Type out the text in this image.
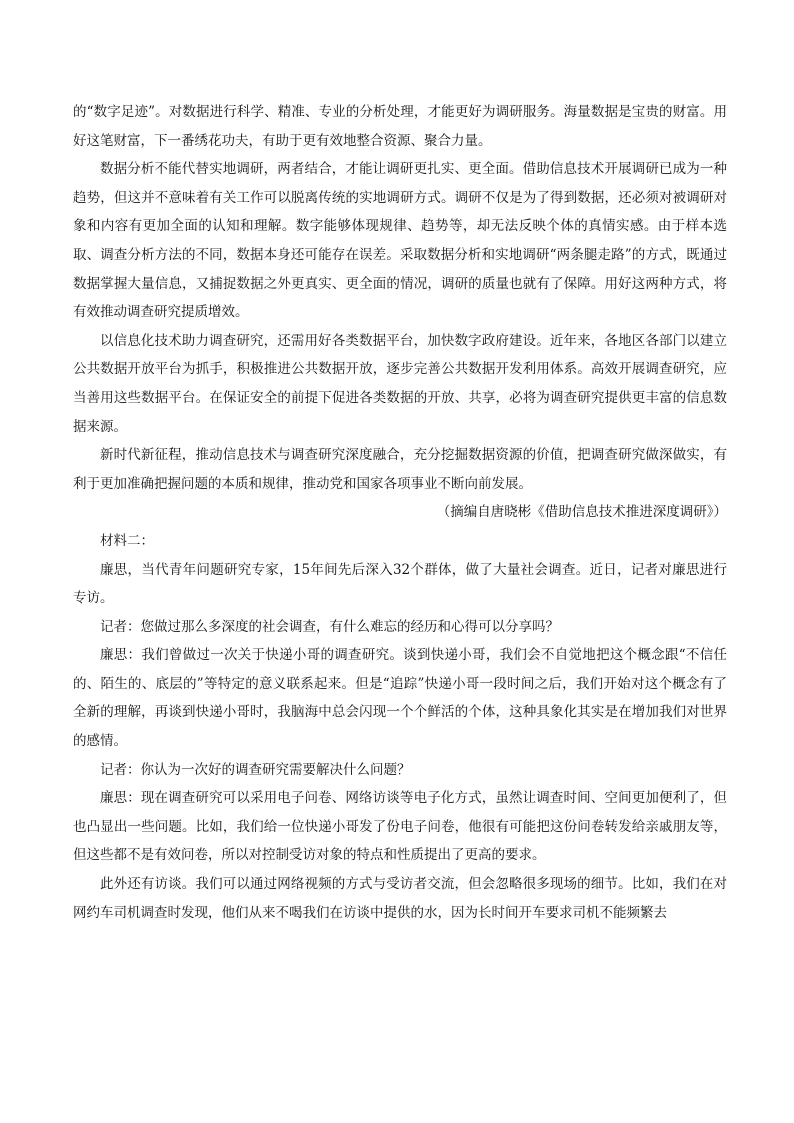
的“数字足迹”。对数据进行科学、精准、专业的分析处理，才能更好为调研服务。海量数据是宝贵的财富。用好这笔财富，下一番绣花功夫，有助于更有效地整合资源、聚合力量。

数据分析不能代替实地调研，两者结合，才能让调研更扎实、更全面。借助信息技术开展调研已成为一种趋势，但这并不意味着有关工作可以脱离传统的实地调研方式。调研不仅是为了得到数据，还必须对被调研对象和内容有更加全面的认知和理解。数字能够体现规律、趋势等，却无法反映个体的真情实感。由于样本选取、调查分析方法的不同，数据本身还可能存在误差。采取数据分析和实地调研“两条腿走路”的方式，既通过数据掌握大量信息，又捕捉数据之外更真实、更全面的情况，调研的质量也就有了保障。用好这两种方式，将有效推动调查研究提质增效。

以信息化技术助力调查研究，还需用好各类数据平台，加快数字政府建设。近年来，各地区各部门以建立公共数据开放平台为抓手，积极推进公共数据开放，逐步完善公共数据开发利用体系。高效开展调查研究，应当善用这些数据平台。在保证安全的前提下促进各类数据的开放、共享，必将为调查研究提供更丰富的信息数据来源。

新时代新征程，推动信息技术与调查研究深度融合，充分挖掘数据资源的价值，把调查研究做深做实，有利于更加准确把握问题的本质和规律，推动党和国家各项事业不断向前发展。

（摘编自唐晓彬《借助信息技术推进深度调研》）

材料二：

廉思，当代青年问题研究专家，15年间先后深入32个群体，做了大量社会调查。近日，记者对廉思进行专访。

记者：您做过那么多深度的社会调查，有什么难忘的经历和心得可以分享吗？

廉思：我们曾做过一次关于快递小哥的调查研究。谈到快递小哥，我们会不自觉地把这个概念跟“不信任的、陌生的、底层的”等特定的意义联系起来。但是“追踪”快递小哥一段时间之后，我们开始对这个概念有了全新的理解，再谈到快递小哥时，我脑海中总会闪现一个个鲜活的个体，这种具象化其实是在增加我们对世界的感情。

记者：你认为一次好的调查研究需要解决什么问题？

廉思：现在调查研究可以采用电子问卷、网络访谈等电子化方式，虽然让调查时间、空间更加便利了，但也凸显出一些问题。比如，我们给一位快递小哥发了份电子问卷，他很有可能把这份问卷转发给亲戚朋友等，但这些都不是有效问卷，所以对控制受访对象的特点和性质提出了更高的要求。

此外还有访谈。我们可以通过网络视频的方式与受访者交流，但会忽略很多现场的细节。比如，我们在对网约车司机调查时发现，他们从来不喝我们在访谈中提供的水，因为长时间开车要求司机不能频繁去
